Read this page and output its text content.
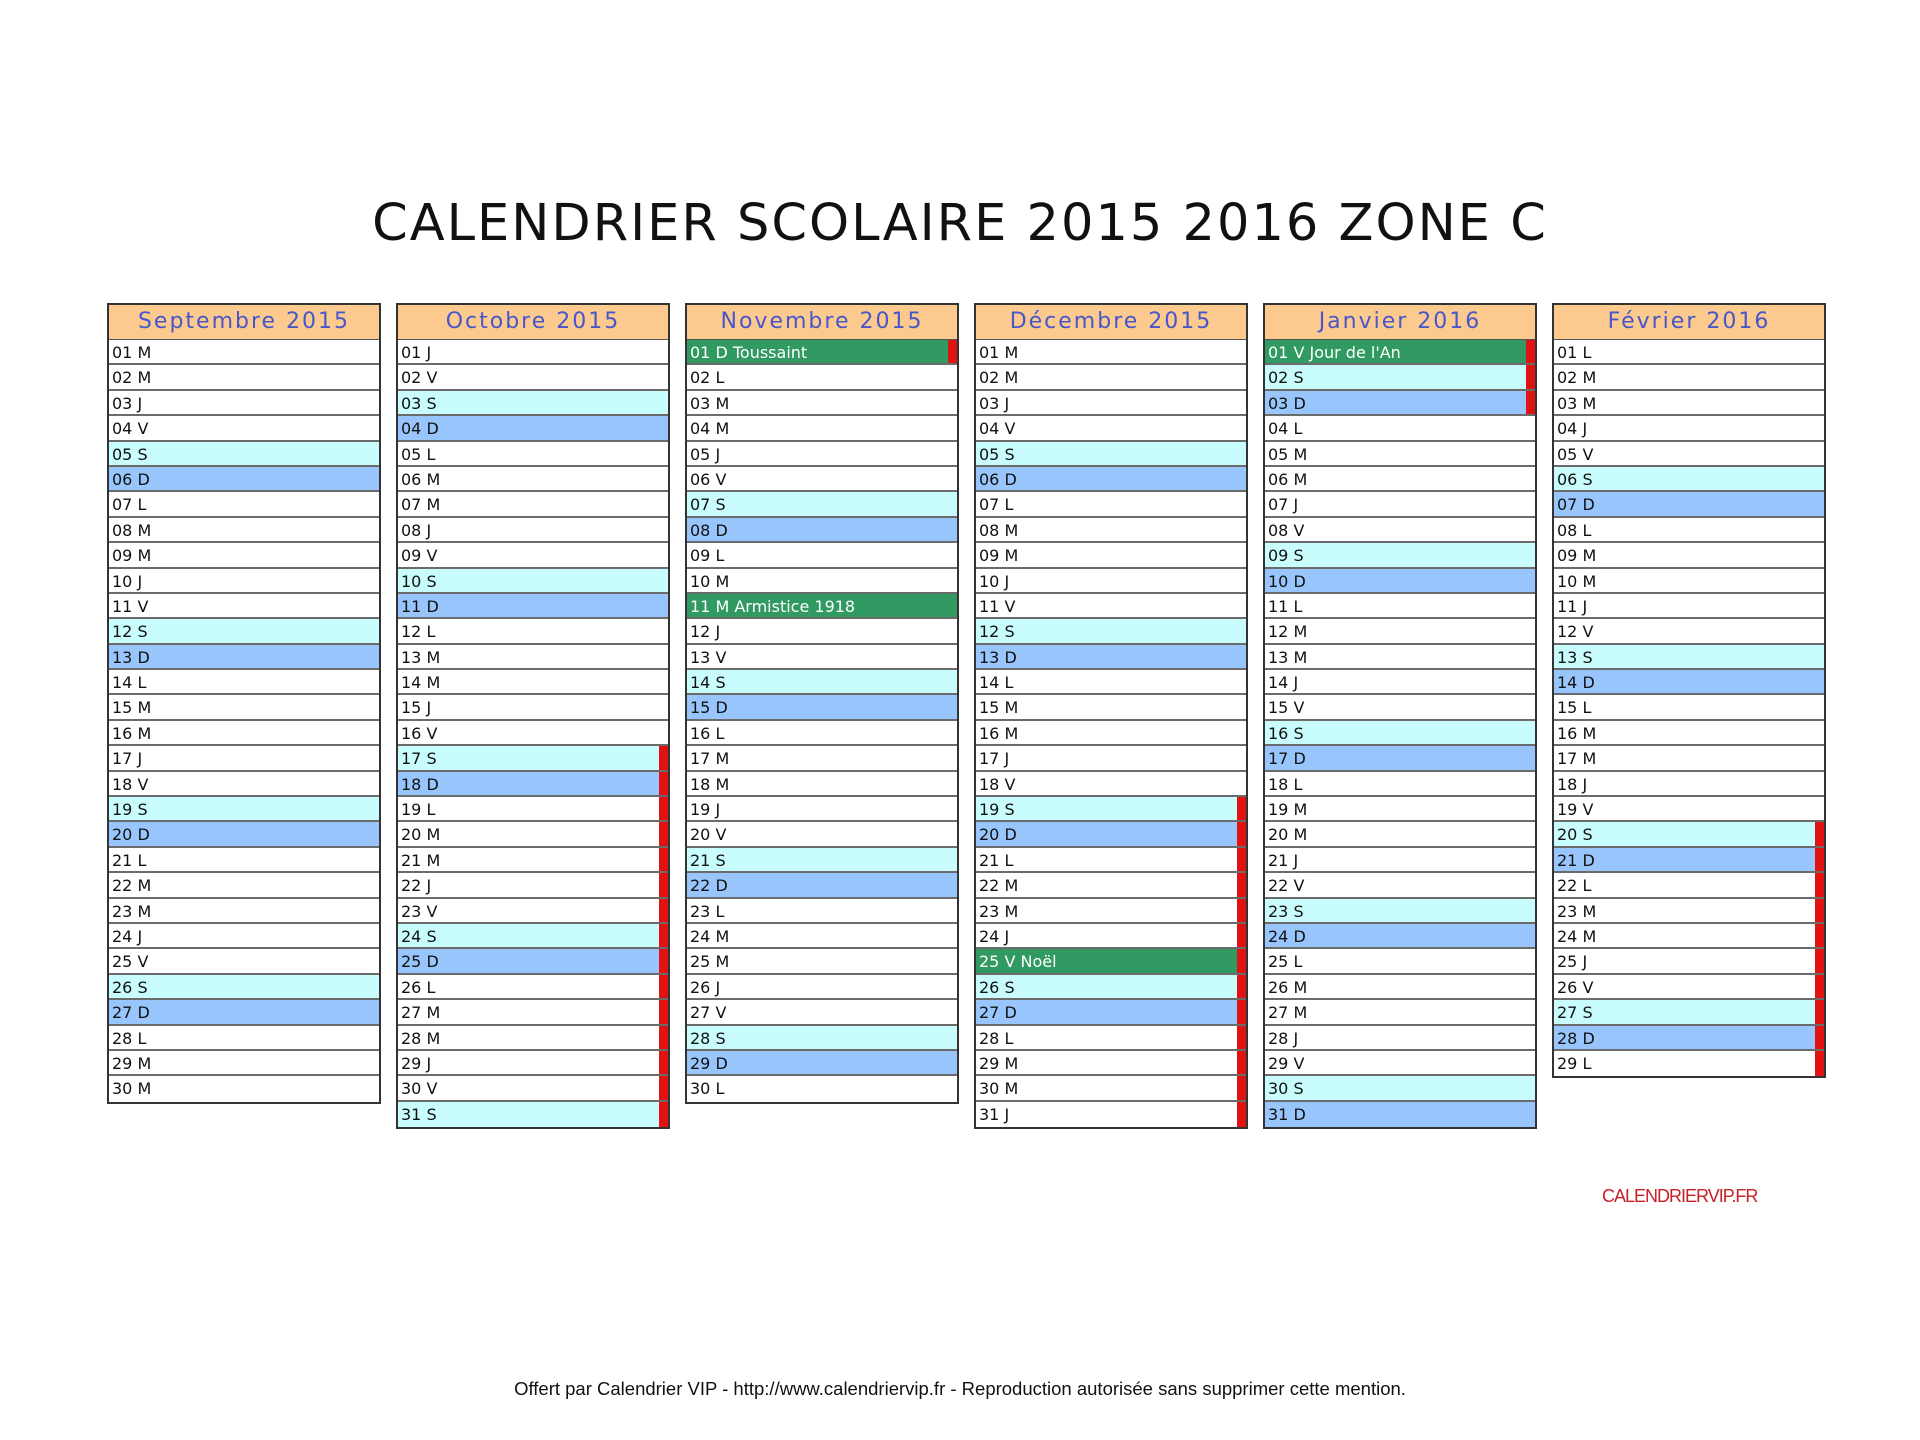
CALENDRIER SCOLAIRE 2015 2016 ZONE C
Septembre 2015
01 M
02 M
03 J
04 V
05 S
06 D
07 L
08 M
09 M
10 J
11 V
12 S
13 D
14 L
15 M
16 M
17 J
18 V
19 S
20 D
21 L
22 M
23 M
24 J
25 V
26 S
27 D
28 L
29 M
30 M
Octobre 2015
01 J
02 V
03 S
04 D
05 L
06 M
07 M
08 J
09 V
10 S
11 D
12 L
13 M
14 M
15 J
16 V
17 S
18 D
19 L
20 M
21 M
22 J
23 V
24 S
25 D
26 L
27 M
28 M
29 J
30 V
31 S
Novembre 2015
01 D Toussaint
02 L
03 M
04 M
05 J
06 V
07 S
08 D
09 L
10 M
11 M Armistice 1918
12 J
13 V
14 S
15 D
16 L
17 M
18 M
19 J
20 V
21 S
22 D
23 L
24 M
25 M
26 J
27 V
28 S
29 D
30 L
Décembre 2015
01 M
02 M
03 J
04 V
05 S
06 D
07 L
08 M
09 M
10 J
11 V
12 S
13 D
14 L
15 M
16 M
17 J
18 V
19 S
20 D
21 L
22 M
23 M
24 J
25 V Noël
26 S
27 D
28 L
29 M
30 M
31 J
Janvier 2016
01 V Jour de l'An
02 S
03 D
04 L
05 M
06 M
07 J
08 V
09 S
10 D
11 L
12 M
13 M
14 J
15 V
16 S
17 D
18 L
19 M
20 M
21 J
22 V
23 S
24 D
25 L
26 M
27 M
28 J
29 V
30 S
31 D
Février 2016
01 L
02 M
03 M
04 J
05 V
06 S
07 D
08 L
09 M
10 M
11 J
12 V
13 S
14 D
15 L
16 M
17 M
18 J
19 V
20 S
21 D
22 L
23 M
24 M
25 J
26 V
27 S
28 D
29 L
CALENDRIERVIP.FR
Offert par Calendrier VIP - http://www.calendriervip.fr - Reproduction autorisée sans supprimer cette mention.
